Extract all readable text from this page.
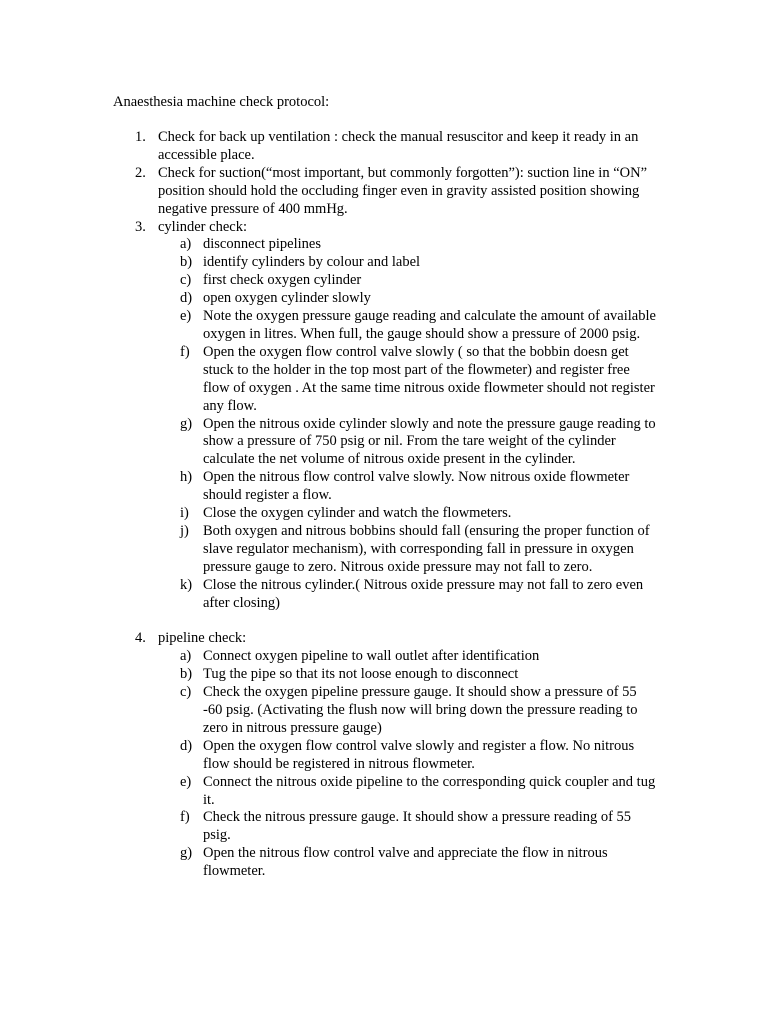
Anaesthesia machine check protocol:
1. Check for back up ventilation : check the manual resuscitor and keep it ready in an accessible place.
2. Check for suction(“most important, but commonly forgotten”): suction line in “ON” position should hold the occluding finger even in gravity assisted position showing negative pressure of 400 mmHg.
3. cylinder check:
a) disconnect pipelines
b) identify cylinders by colour and label
c) first check oxygen cylinder
d) open oxygen cylinder slowly
e) Note the oxygen pressure gauge reading and calculate the amount of available oxygen in litres. When full, the gauge should show a pressure of 2000 psig.
f) Open the oxygen flow control valve slowly ( so that the bobbin doesn get stuck to the holder in the top most part of the flowmeter) and register free flow of oxygen . At the same time nitrous oxide flowmeter should not register any flow.
g) Open the nitrous oxide cylinder slowly and note the pressure gauge reading to show a pressure of 750 psig or nil. From the tare weight of the cylinder calculate the net volume of nitrous oxide present in the cylinder.
h) Open the nitrous flow control valve slowly. Now nitrous oxide flowmeter should register a flow.
i) Close the oxygen cylinder and watch the flowmeters.
j) Both oxygen and nitrous bobbins should fall (ensuring the proper function of slave regulator mechanism), with corresponding fall in pressure in oxygen pressure gauge to zero. Nitrous oxide pressure may not fall to zero.
k) Close the nitrous cylinder.( Nitrous oxide pressure may not fall to zero even after closing)
4. pipeline check:
a) Connect oxygen pipeline to wall outlet after identification
b) Tug the pipe so that its not loose enough to disconnect
c) Check the oxygen pipeline pressure gauge. It should show a pressure of 55 -60 psig. (Activating the flush now will bring down the pressure reading to zero in nitrous pressure gauge)
d) Open the oxygen flow control valve slowly and register a flow. No nitrous flow should be registered in nitrous flowmeter.
e) Connect the nitrous oxide pipeline to the corresponding quick coupler and tug it.
f) Check the nitrous pressure gauge. It should show a pressure reading of 55 psig.
g) Open the nitrous flow control valve and appreciate the flow in nitrous flowmeter.
